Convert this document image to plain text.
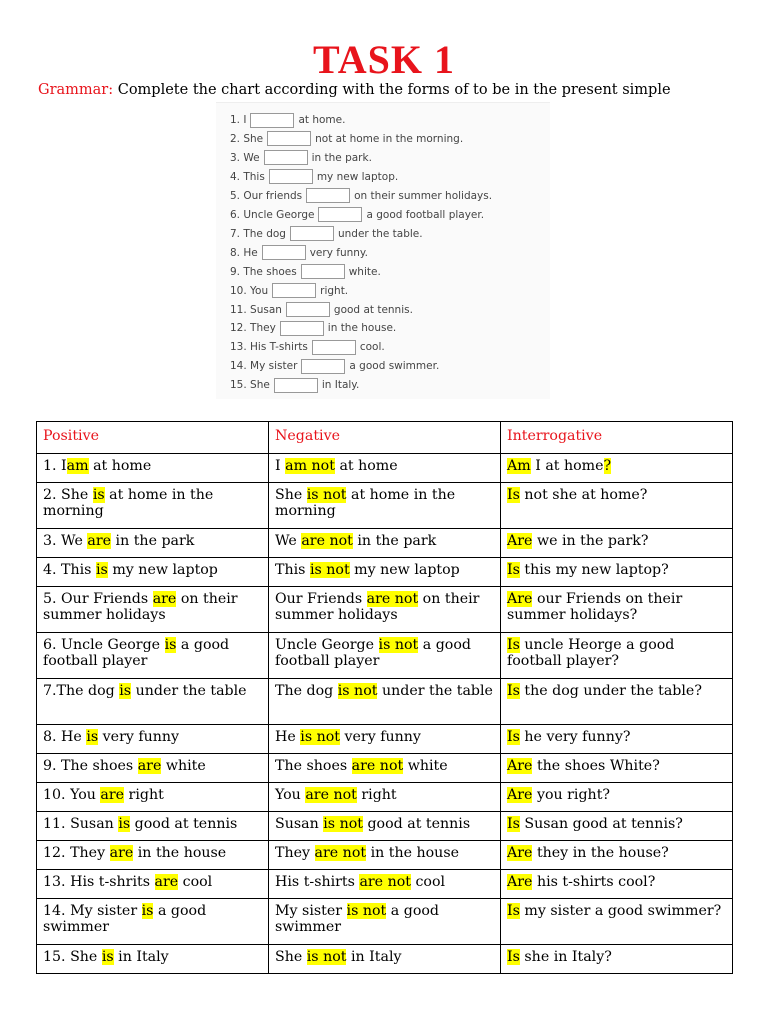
TASK 1
Grammar: Complete the chart according with the forms of to be in the present simple
1. I	at home.
2. She	not at home in the morning.
3. We	in the park.
4. This	my new laptop.
5. Our friends	on their summer holidays.
6. Uncle George	a good football player.
7. The dog	under the table.
8. He	very funny.
9. The shoes	white.
10. You	right.
11. Susan	good at tennis.
12. They	in the house.
13. His T-shirts	cool.
14. My sister	a good swimmer.
15. She	in Italy.
Positive	Negative	Interrogative
1. Iam at home	I am not at home	Am I at home?
2. She is at home in the morning	She is not at home in the morning	Is not she at home?
3. We are in the park	We are not in the park	Are we in the park?
4. This is my new laptop	This is not my new laptop	Is this my new laptop?
5. Our Friends are on their summer holidays	Our Friends are not on their summer holidays	Are our Friends on their summer holidays?
6. Uncle George is a good football player	Uncle George is not a good football player	Is uncle Heorge a good football player?
7.The dog is under the table	The dog is not under the table	Is the dog under the table?
8. He is very funny	He is not very funny	Is he very funny?
9. The shoes are white	The shoes are not white	Are the shoes White?
10. You are right	You are not right	Are you right?
11. Susan is good at tennis	Susan is not good at tennis	Is Susan good at tennis?
12. They are in the house	They are not in the house	Are they in the house?
13. His t-shrits are cool	His t-shirts are not cool	Are his t-shirts cool?
14. My sister is a good swimmer	My sister is not a good swimmer	Is my sister a good swimmer?
15. She is in Italy	She is not in Italy	Is she in Italy?
